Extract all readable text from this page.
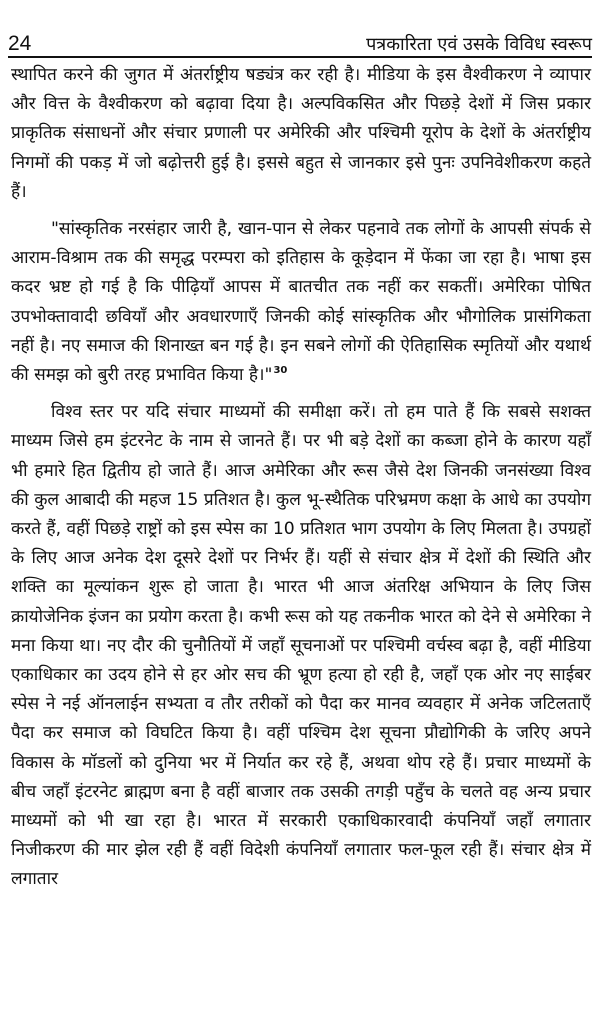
24	पत्रकारिता एवं उसके विविध स्वरूप

स्थापित करने की जुगत में अंतर्राष्ट्रीय षड्यंत्र कर रही है। मीडिया के इस वैश्वीकरण ने व्यापार और वित्त के वैश्वीकरण को बढ़ावा दिया है। अल्पविकसित और पिछड़े देशों में जिस प्रकार प्राकृतिक संसाधनों और संचार प्रणाली पर अमेरिकी और पश्चिमी यूरोप के देशों के अंतर्राष्ट्रीय निगमों की पकड़ में जो बढ़ोत्तरी हुई है। इससे बहुत से जानकार इसे पुनः उपनिवेशीकरण कहते हैं।

"सांस्कृतिक नरसंहार जारी है, खान-पान से लेकर पहनावे तक लोगों के आपसी संपर्क से आराम-विश्राम तक की समृद्ध परम्परा को इतिहास के कूड़ेदान में फेंका जा रहा है। भाषा इस कदर भ्रष्ट हो गई है कि पीढ़ियाँ आपस में बातचीत तक नहीं कर सकतीं। अमेरिका पोषित उपभोक्तावादी छवियाँ और अवधारणाएँ जिनकी कोई सांस्कृतिक और भौगोलिक प्रासंगिकता नहीं है। नए समाज की शिनाख्त बन गई है। इन सबने लोगों की ऐतिहासिक स्मृतियों और यथार्थ की समझ को बुरी तरह प्रभावित किया है।"$^{30}$

विश्व स्तर पर यदि संचार माध्यमों की समीक्षा करें। तो हम पाते हैं कि सबसे सशक्त माध्यम जिसे हम इंटरनेट के नाम से जानते हैं। पर भी बड़े देशों का कब्जा होने के कारण यहाँ भी हमारे हित द्वितीय हो जाते हैं। आज अमेरिका और रूस जैसे देश जिनकी जनसंख्या विश्व की कुल आबादी की महज 15 प्रतिशत है। कुल भू-स्थैतिक परिभ्रमण कक्षा के आधे का उपयोग करते हैं, वहीं पिछड़े राष्ट्रों को इस स्पेस का 10 प्रतिशत भाग उपयोग के लिए मिलता है। उपग्रहों के लिए आज अनेक देश दूसरे देशों पर निर्भर हैं। यहीं से संचार क्षेत्र में देशों की स्थिति और शक्ति का मूल्यांकन शुरू हो जाता है। भारत भी आज अंतरिक्ष अभियान के लिए जिस क्रायोजेनिक इंजन का प्रयोग करता है। कभी रूस को यह तकनीक भारत को देने से अमेरिका ने मना किया था। नए दौर की चुनौतियों में जहाँ सूचनाओं पर पश्चिमी वर्चस्व बढ़ा है, वहीं मीडिया एकाधिकार का उदय होने से हर ओर सच की भ्रूण हत्या हो रही है, जहाँ एक ओर नए साईबर स्पेस ने नई ऑनलाईन सभ्यता व तौर तरीकों को पैदा कर मानव व्यवहार में अनेक जटिलताएँ पैदा कर समाज को विघटित किया है। वहीं पश्चिम देश सूचना प्रौद्योगिकी के जरिए अपने विकास के मॉडलों को दुनिया भर में निर्यात कर रहे हैं, अथवा थोप रहे हैं। प्रचार माध्यमों के बीच जहाँ इंटरनेट ब्राह्मण बना है वहीं बाजार तक उसकी तगड़ी पहुँच के चलते वह अन्य प्रचार माध्यमों को भी खा रहा है। भारत में सरकारी एकाधिकारवादी कंपनियाँ जहाँ लगातार निजीकरण की मार झेल रही हैं वहीं विदेशी कंपनियाँ लगातार फल-फूल रही हैं। संचार क्षेत्र में लगातार
